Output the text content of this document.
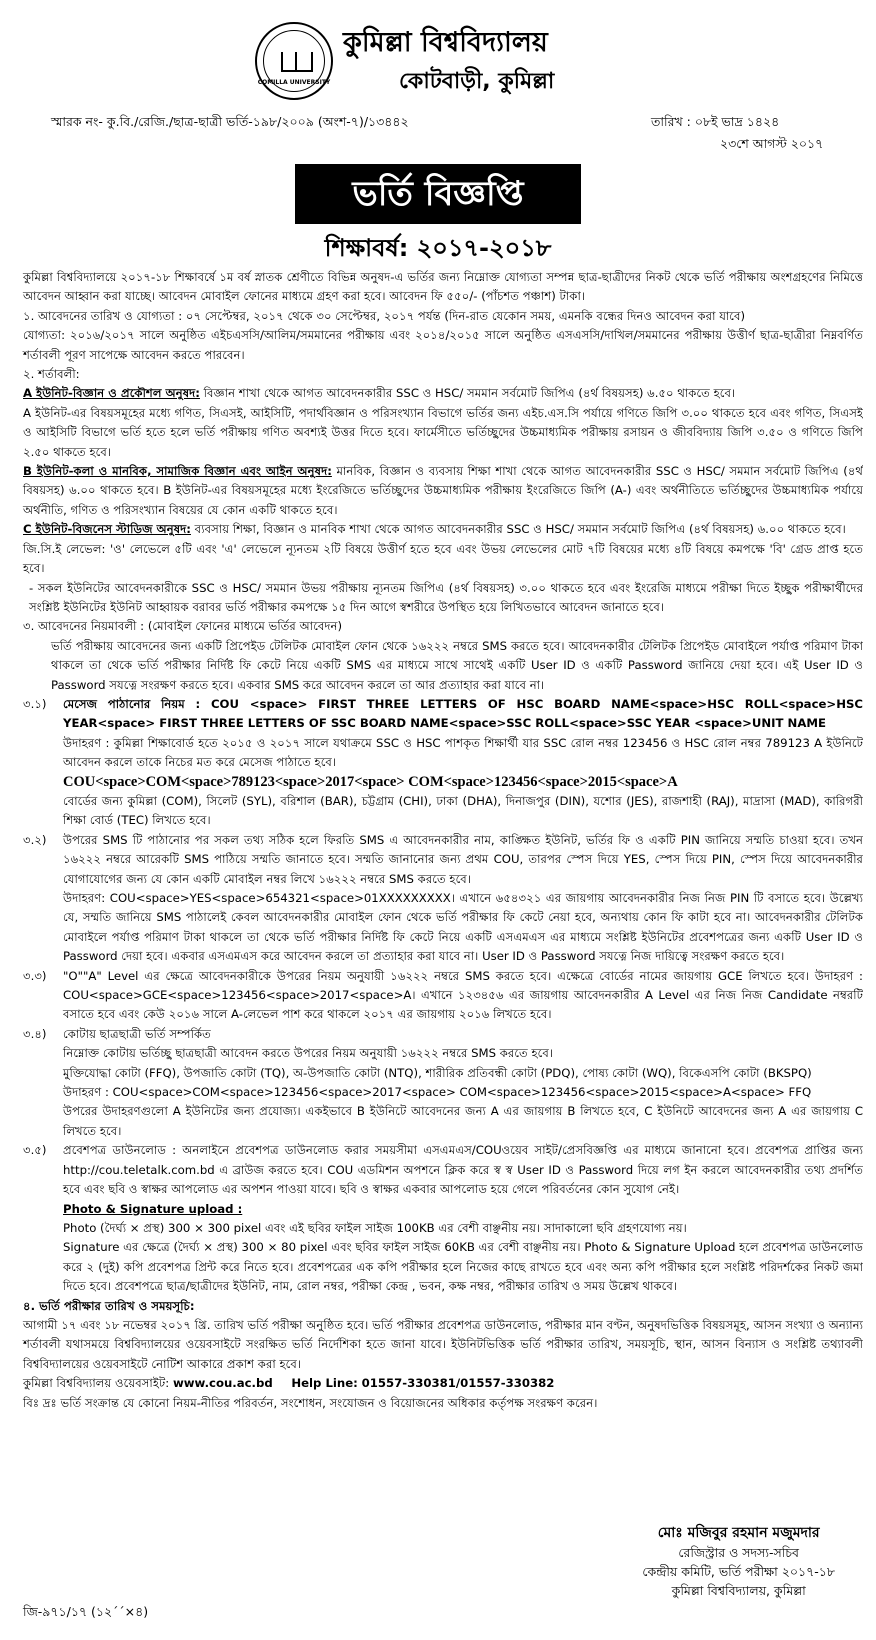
COMILLA UNIVERSITY
কুমিল্লা বিশ্ববিদ্যালয়
কোটবাড়ী, কুমিল্লা
স্মারক নং- কু.বি./রেজি./ছাত্র-ছাত্রী ভর্তি-১৯৮/২০০৯ (অংশ-৭)/১৩৪৪২	তারিখ : ০৮ই ভাদ্র ১৪২৪
২৩শে আগস্ট ২০১৭
ভর্তি বিজ্ঞপ্তি
শিক্ষাবর্ষ: ২০১৭-২০১৮

কুমিল্লা বিশ্ববিদ্যালয়ে ২০১৭-১৮ শিক্ষাবর্ষে ১ম বর্ষ স্নাতক শ্রেণীতে বিভিন্ন অনুষদ-এ ভর্তির জন্য নিম্নোক্ত যোগ্যতা সম্পন্ন ছাত্র-ছাত্রীদের নিকট থেকে ভর্তি পরীক্ষায় অংশগ্রহণের নিমিত্তে আবেদন আহ্বান করা যাচ্ছে। আবেদন মোবাইল ফোনের মাধ্যমে গ্রহণ করা হবে। আবেদন ফি ৫৫০/- (পাঁচশত পঞ্চাশ) টাকা।

১. আবেদনের তারিখ ও যোগ্যতা : ০৭ সেপ্টেম্বর, ২০১৭ থেকে ৩০ সেপ্টেম্বর, ২০১৭ পর্যন্ত (দিন-রাত যেকোন সময়, এমনকি বন্ধের দিনও আবেদন করা যাবে)

যোগ্যতা: ২০১৬/২০১৭ সালে অনুষ্ঠিত এইচএসসি/আলিম/সমমানের পরীক্ষায় এবং ২০১৪/২০১৫ সালে অনুষ্ঠিত এসএসসি/দাখিল/সমমানের পরীক্ষায় উত্তীর্ণ ছাত্র-ছাত্রীরা নিম্নবর্ণিত শর্তাবলী পূরণ সাপেক্ষে আবেদন করতে পারবেন।

২. শর্তাবলী:

A ইউনিট-বিজ্ঞান ও প্রকৌশল অনুষদ: বিজ্ঞান শাখা থেকে আগত আবেদনকারীর SSC ও HSC/ সমমান সর্বমোট জিপিএ (৪র্থ বিষয়সহ) ৬.৫০ থাকতে হবে।

A ইউনিট-এর বিষয়সমূহের মধ্যে গণিত, সিএসই, আইসিটি, পদার্থবিজ্ঞান ও পরিসংখ্যান বিভাগে ভর্তির জন্য এইচ.এস.সি পর্যায়ে গণিতে জিপি ৩.০০ থাকতে হবে এবং গণিত, সিএসই ও আইসিটি বিভাগে ভর্তি হতে হলে ভর্তি পরীক্ষায় গণিত অবশ্যই উত্তর দিতে হবে। ফার্মেসীতে ভর্তিচ্ছুদের উচ্চমাধ্যমিক পরীক্ষায় রসায়ন ও জীববিদ্যায় জিপি ৩.৫০ ও গণিতে জিপি ২.৫০ থাকতে হবে।

B ইউনিট-কলা ও মানবিক, সামাজিক বিজ্ঞান এবং আইন অনুষদ: মানবিক, বিজ্ঞান ও ব্যবসায় শিক্ষা শাখা থেকে আগত আবেদনকারীর SSC ও HSC/ সমমান সর্বমোট জিপিএ (৪র্থ বিষয়সহ) ৬.০০ থাকতে হবে। B ইউনিট-এর বিষয়সমূহের মধ্যে ইংরেজিতে ভর্তিচ্ছুদের উচ্চমাধ্যমিক পরীক্ষায় ইংরেজিতে জিপি (A-) এবং অর্থনীতিতে ভর্তিচ্ছুদের উচ্চমাধ্যমিক পর্যায়ে অর্থনীতি, গণিত ও পরিসংখ্যান বিষয়ের যে কোন একটি থাকতে হবে।

C ইউনিট-বিজনেস স্টাডিজ অনুষদ: ব্যবসায় শিক্ষা, বিজ্ঞান ও মানবিক শাখা থেকে আগত আবেদনকারীর SSC ও HSC/ সমমান সর্বমোট জিপিএ (৪র্থ বিষয়সহ) ৬.০০ থাকতে হবে।

জি.সি.ই লেভেল: 'ও' লেভেলে ৫টি এবং 'এ' লেভেলে ন্যূনতম ২টি বিষয়ে উত্তীর্ণ হতে হবে এবং উভয় লেভেলের মোট ৭টি বিষয়ের মধ্যে ৪টি বিষয়ে কমপক্ষে 'বি' গ্রেড প্রাপ্ত হতে হবে।

- সকল ইউনিটের আবেদনকারীকে SSC ও HSC/ সমমান উভয় পরীক্ষায় ন্যূনতম জিপিএ (৪র্থ বিষয়সহ) ৩.০০ থাকতে হবে এবং ইংরেজি মাধ্যমে পরীক্ষা দিতে ইচ্ছুক পরীক্ষার্থীদের সংশ্লিষ্ট ইউনিটের ইউনিট আহ্বায়ক বরাবর ভর্তি পরীক্ষার কমপক্ষে ১৫ দিন আগে স্বশরীরে উপস্থিত হয়ে লিখিতভাবে আবেদন জানাতে হবে।

৩. আবেদনের নিয়মাবলী : (মোবাইল ফোনের মাধ্যমে ভর্তির আবেদন)

ভর্তি পরীক্ষায় আবেদনের জন্য একটি প্রিপেইড টেলিটক মোবাইল ফোন থেকে ১৬২২২ নম্বরে SMS করতে হবে। আবেদনকারীর টেলিটক প্রিপেইড মোবাইলে পর্যাপ্ত পরিমাণ টাকা থাকলে তা থেকে ভর্তি পরীক্ষার নির্দিষ্ট ফি কেটে নিয়ে একটি SMS এর মাধ্যমে সাথে সাথেই একটি User ID ও একটি Password জানিয়ে দেয়া হবে। এই User ID ও Password সযত্নে সংরক্ষণ করতে হবে। একবার SMS করে আবেদন করলে তা আর প্রত্যাহার করা যাবে না।

৩.১)	মেসেজ পাঠানোর নিয়ম : COU <space> FIRST THREE LETTERS OF HSC BOARD NAME<space>HSC ROLL<space>HSC YEAR<space> FIRST THREE LETTERS OF SSC BOARD NAME<space>SSC ROLL<space>SSC YEAR <space>UNIT NAME

উদাহরণ : কুমিল্লা শিক্ষাবোর্ড হতে ২০১৫ ও ২০১৭ সালে যথাক্রমে SSC ও HSC পাশকৃত শিক্ষার্থী যার SSC রোল নম্বর 123456 ও HSC রোল নম্বর 789123 A ইউনিটে আবেদন করলে তাকে নিচের মত করে মেসেজ পাঠাতে হবে।

COU<space>COM<space>789123<space>2017<space> COM<space>123456<space>2015<space>A

বোর্ডের জন্য কুমিল্লা (COM), সিলেট (SYL), বরিশাল (BAR), চট্টগ্রাম (CHI), ঢাকা (DHA), দিনাজপুর (DIN), যশোর (JES), রাজশাহী (RAJ), মাদ্রাসা (MAD), কারিগরী শিক্ষা বোর্ড (TEC) লিখতে হবে।

৩.২)	উপরের SMS টি পাঠানোর পর সকল তথ্য সঠিক হলে ফিরতি SMS এ আবেদনকারীর নাম, কাঙ্ক্ষিত ইউনিট, ভর্তির ফি ও একটি PIN জানিয়ে সম্মতি চাওয়া হবে। তখন ১৬২২২ নম্বরে আরেকটি SMS পাঠিয়ে সম্মতি জানাতে হবে। সম্মতি জানানোর জন্য প্রথম COU, তারপর স্পেস দিয়ে YES, স্পেস দিয়ে PIN, স্পেস দিয়ে আবেদনকারীর যোগাযোগের জন্য যে কোন একটি মোবাইল নম্বর লিখে ১৬২২২ নম্বরে SMS করতে হবে।

উদাহরণ: COU<space>YES<space>654321<space>01XXXXXXXXX। এখানে ৬৫৪৩২১ এর জায়গায় আবেদনকারীর নিজ নিজ PIN টি বসাতে হবে। উল্লেখ্য যে, সম্মতি জানিয়ে SMS পাঠালেই কেবল আবেদনকারীর মোবাইল ফোন থেকে ভর্তি পরীক্ষার ফি কেটে নেয়া হবে, অন্যথায় কোন ফি কাটা হবে না। আবেদনকারীর টেলিটক মোবাইলে পর্যাপ্ত পরিমাণ টাকা থাকলে তা থেকে ভর্তি পরীক্ষার নির্দিষ্ট ফি কেটে নিয়ে একটি এসএমএস এর মাধ্যমে সংশ্লিষ্ট ইউনিটের প্রবেশপত্রের জন্য একটি User ID ও Password দেয়া হবে। একবার এসএমএস করে আবেদন করলে তা প্রত্যাহার করা যাবে না। User ID ও Password সযত্নে নিজ দায়িত্বে সংরক্ষণ করতে হবে।

৩.৩)	"O""A" Level এর ক্ষেত্রে আবেদনকারীকে উপরের নিয়ম অনুযায়ী ১৬২২২ নম্বরে SMS করতে হবে। এক্ষেত্রে বোর্ডের নামের জায়গায় GCE লিখতে হবে। উদাহরণ : COU<space>GCE<space>123456<space>2017<space>A। এখানে ১২৩৪৫৬ এর জায়গায় আবেদনকারীর A Level এর নিজ নিজ Candidate নম্বরটি বসাতে হবে এবং কেউ ২০১৬ সালে A-লেভেল পাশ করে থাকলে ২০১৭ এর জায়গায় ২০১৬ লিখতে হবে।

৩.৪)	কোটায় ছাত্রছাত্রী ভর্তি সম্পর্কিত

নিম্নোক্ত কোটায় ভর্তিচ্ছু ছাত্রছাত্রী আবেদন করতে উপরের নিয়ম অনুযায়ী ১৬২২২ নম্বরে SMS করতে হবে।

মুক্তিযোদ্ধা কোটা (FFQ), উপজাতি কোটা (TQ), অ-উপজাতি কোটা (NTQ), শারীরিক প্রতিবন্ধী কোটা (PDQ), পোষ্য কোটা (WQ), বিকেএসপি কোটা (BKSPQ)

উদাহরণ : COU<space>COM<space>123456<space>2017<space> COM<space>123456<space>2015<space>A<space> FFQ

উপরের উদাহরণগুলো A ইউনিটের জন্য প্রযোজ্য। একইভাবে B ইউনিটে আবেদনের জন্য A এর জায়গায় B লিখতে হবে, C ইউনিটে আবেদনের জন্য A এর জায়গায় C লিখতে হবে।

৩.৫)	প্রবেশপত্র ডাউনলোড : অনলাইনে প্রবেশপত্র ডাউনলোড করার সময়সীমা এসএমএস/COUওয়েব সাইট/প্রেসবিজ্ঞপ্তি এর মাধ্যমে জানানো হবে। প্রবেশপত্র প্রাপ্তির জন্য http://cou.teletalk.com.bd এ ব্রাউজ করতে হবে। COU এডমিশন অপশনে ক্লিক করে স্ব স্ব User ID ও Password দিয়ে লগ ইন করলে আবেদনকারীর তথ্য প্রদর্শিত হবে এবং ছবি ও স্বাক্ষর আপলোড এর অপশন পাওয়া যাবে। ছবি ও স্বাক্ষর একবার আপলোড হয়ে গেলে পরিবর্তনের কোন সুযোগ নেই।

Photo & Signature upload :

Photo (দৈর্ঘ্য × প্রস্থ) 300 × 300 pixel এবং এই ছবির ফাইল সাইজ 100KB এর বেশী বাঞ্ছনীয় নয়। সাদাকালো ছবি গ্রহণযোগ্য নয়।

Signature এর ক্ষেত্রে (দৈর্ঘ্য × প্রস্থ) 300 × 80 pixel এবং ছবির ফাইল সাইজ 60KB এর বেশী বাঞ্ছনীয় নয়। Photo & Signature Upload হলে প্রবেশপত্র ডাউনলোড করে ২ (দুই) কপি প্রবেশপত্র প্রিন্ট করে নিতে হবে। প্রবেশপত্রের এক কপি পরীক্ষার হলে নিজের কাছে রাখতে হবে এবং অন্য কপি পরীক্ষার হলে সংশ্লিষ্ট পরিদর্শকের নিকট জমা দিতে হবে। প্রবেশপত্রে ছাত্র/ছাত্রীদের ইউনিট, নাম, রোল নম্বর, পরীক্ষা কেন্দ্র , ভবন, কক্ষ নম্বর, পরীক্ষার তারিখ ও সময় উল্লেখ থাকবে।

৪. ভর্তি পরীক্ষার তারিখ ও সময়সূচি:

আগামী ১৭ এবং ১৮ নভেম্বর ২০১৭ খ্রি. তারিখ ভর্তি পরীক্ষা অনুষ্ঠিত হবে। ভর্তি পরীক্ষার প্রবেশপত্র ডাউনলোড, পরীক্ষার মান বণ্টন, অনুষদভিত্তিক বিষয়সমূহ, আসন সংখ্যা ও অন্যান্য শর্তাবলী যথাসময়ে বিশ্ববিদ্যালয়ের ওয়েবসাইটে সংরক্ষিত ভর্তি নির্দেশিকা হতে জানা যাবে। ইউনিটভিত্তিক ভর্তি পরীক্ষার তারিখ, সময়সূচি, স্থান, আসন বিন্যাস ও সংশ্লিষ্ট তথ্যাবলী বিশ্ববিদ্যালয়ের ওয়েবসাইটে নোটিশ আকারে প্রকাশ করা হবে।

কুমিল্লা বিশ্ববিদ্যালয় ওয়েবসাইট: www.cou.ac.bd Help Line: 01557-330381/01557-330382

বিঃ দ্রঃ ভর্তি সংক্রান্ত যে কোনো নিয়ম-নীতির পরিবর্তন, সংশোধন, সংযোজন ও বিয়োজনের অধিকার কর্তৃপক্ষ সংরক্ষণ করেন।

মোঃ মজিবুর রহমান মজুমদার
রেজিস্ট্রার ও সদস্য-সচিব
কেন্দ্রীয় কমিটি, ভর্তি পরীক্ষা ২০১৭-১৮
কুমিল্লা বিশ্ববিদ্যালয়, কুমিল্লা
জি-৯৭১/১৭ (১২´´×৪)
